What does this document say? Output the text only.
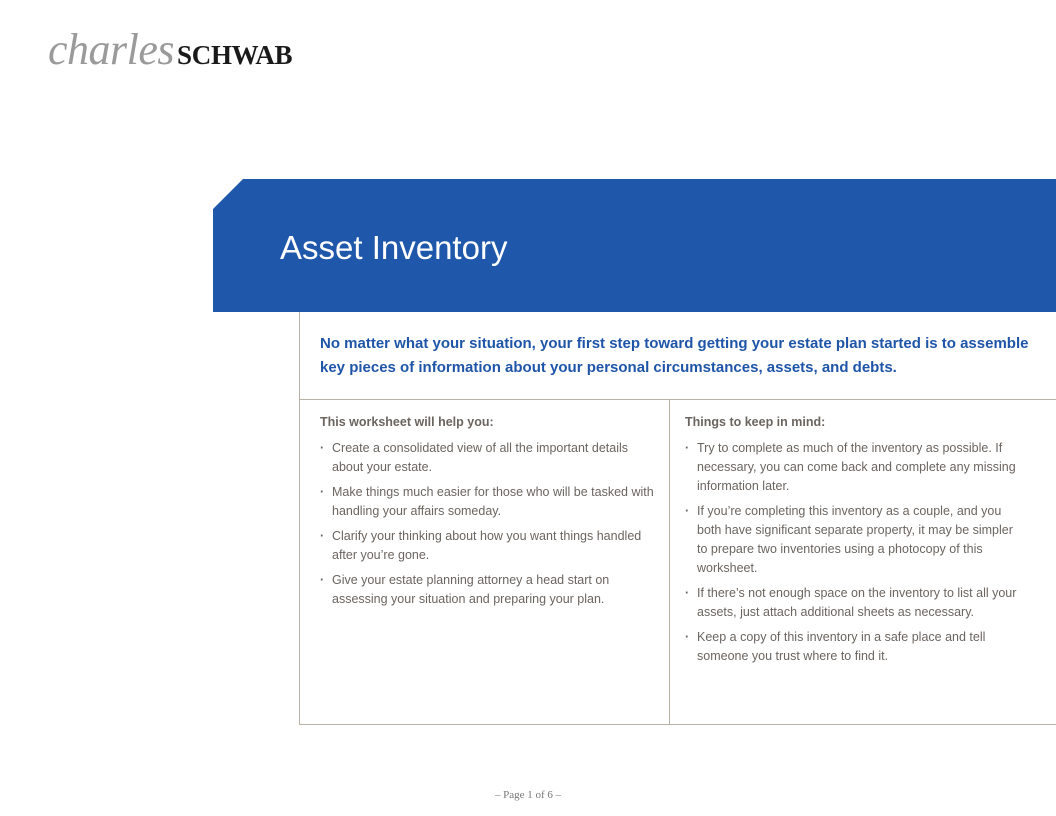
charles SCHWAB
Asset Inventory
No matter what your situation, your first step toward getting your estate plan started is to assemble key pieces of information about your personal circumstances, assets, and debts.
This worksheet will help you:
· Create a consolidated view of all the important details about your estate.
· Make things much easier for those who will be tasked with handling your affairs someday.
· Clarify your thinking about how you want things handled after you’re gone.
· Give your estate planning attorney a head start on assessing your situation and preparing your plan.
Things to keep in mind:
· Try to complete as much of the inventory as possible. If necessary, you can come back and complete any missing information later.
· If you’re completing this inventory as a couple, and you both have significant separate property, it may be simpler to prepare two inventories using a photocopy of this worksheet.
· If there’s not enough space on the inventory to list all your assets, just attach additional sheets as necessary.
· Keep a copy of this inventory in a safe place and tell someone you trust where to find it.
– Page 1 of 6 –
